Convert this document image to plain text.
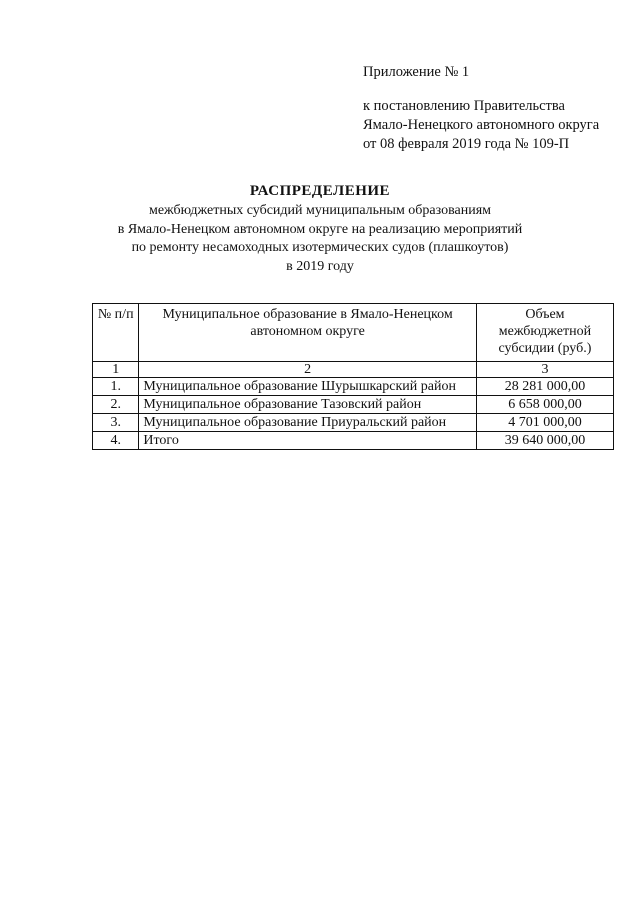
Приложение № 1
к постановлению Правительства
Ямало-Ненецкого автономного округа
от 08 февраля 2019 года № 109-П
РАСПРЕДЕЛЕНИЕ
межбюджетных субсидий муниципальным образованиям
в Ямало-Ненецком автономном округе на реализацию мероприятий
по ремонту несамоходных изотермических судов (плашкоутов)
в 2019 году
№ п/п	Муниципальное образование в Ямало-Ненецком автономном округе	Объем межбюджетной субсидии (руб.)
1	2	3
1.	Муниципальное образование Шурышкарский район	28 281 000,00
2.	Муниципальное образование Тазовский район	6 658 000,00
3.	Муниципальное образование Приуральский район	4 701 000,00
4.	Итого	39 640 000,00
